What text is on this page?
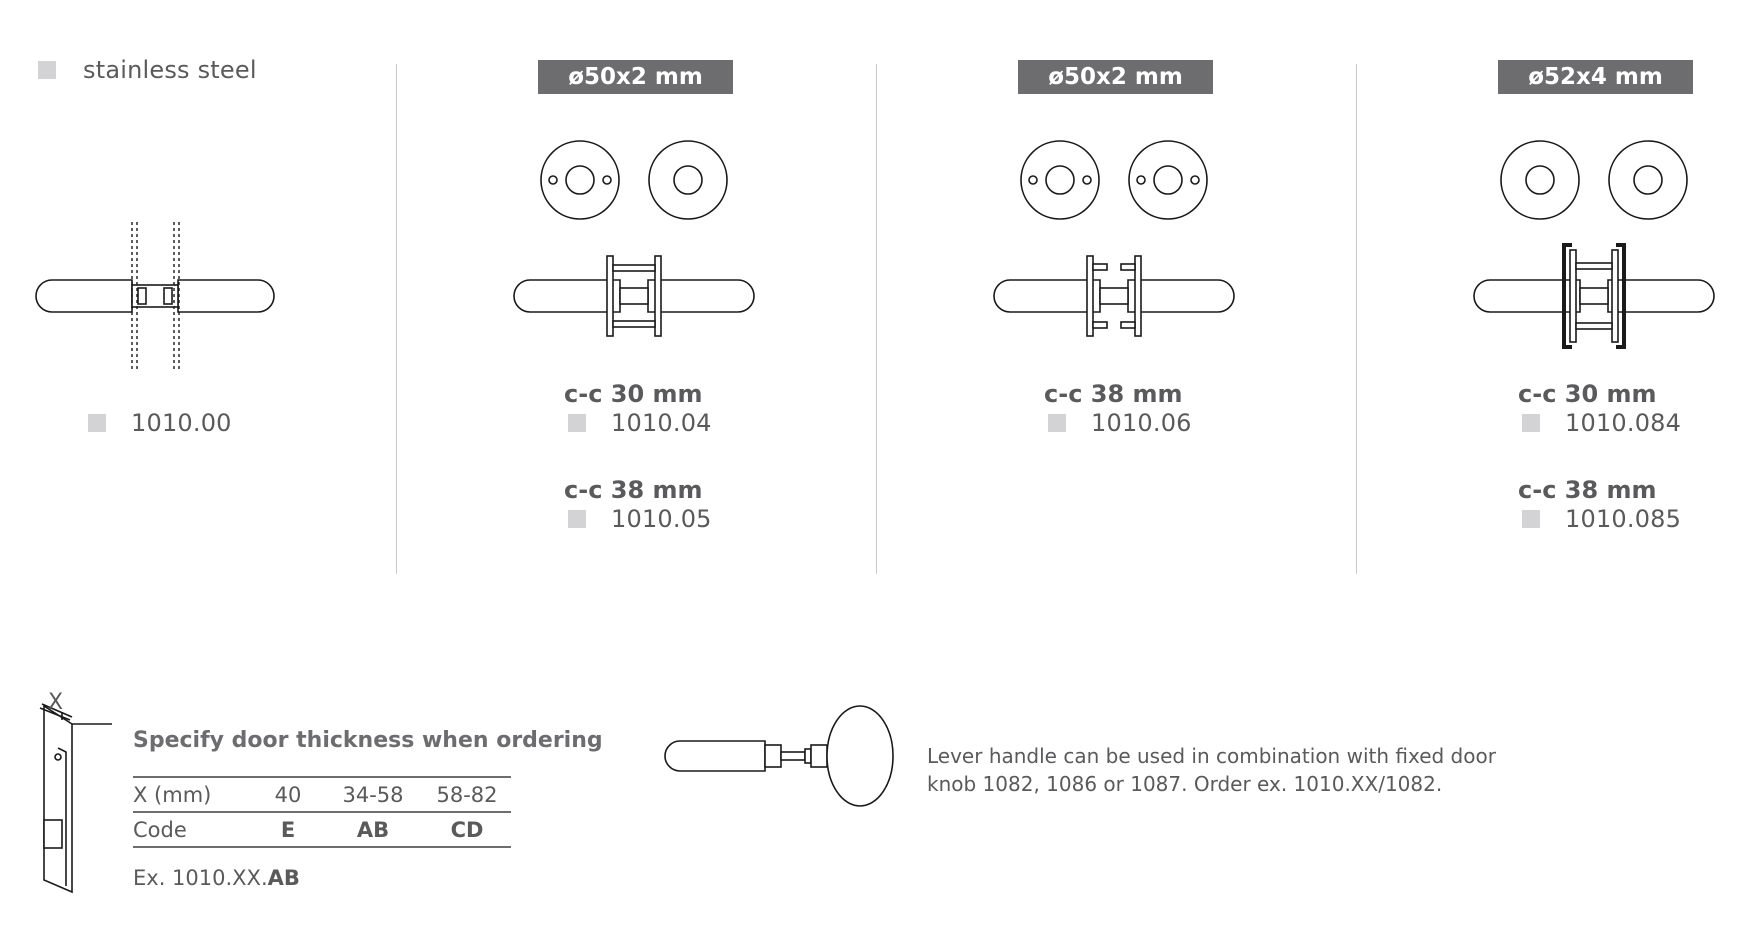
stainless steel	ø50x2 mm	ø50x2 mm	ø52x4 mm
1010.00
c-c 30 mm
1010.04
c-c 38 mm
1010.05
c-c 38 mm
1010.06
c-c 30 mm
1010.084
c-c 38 mm
1010.085
X
Specify door thickness when ordering
X (mm)	40	34-58	58-82
Code	E	AB	CD
Ex. 1010.XX.AB
Lever handle can be used in combination with fixed door
knob 1082, 1086 or 1087. Order ex. 1010.XX/1082.
